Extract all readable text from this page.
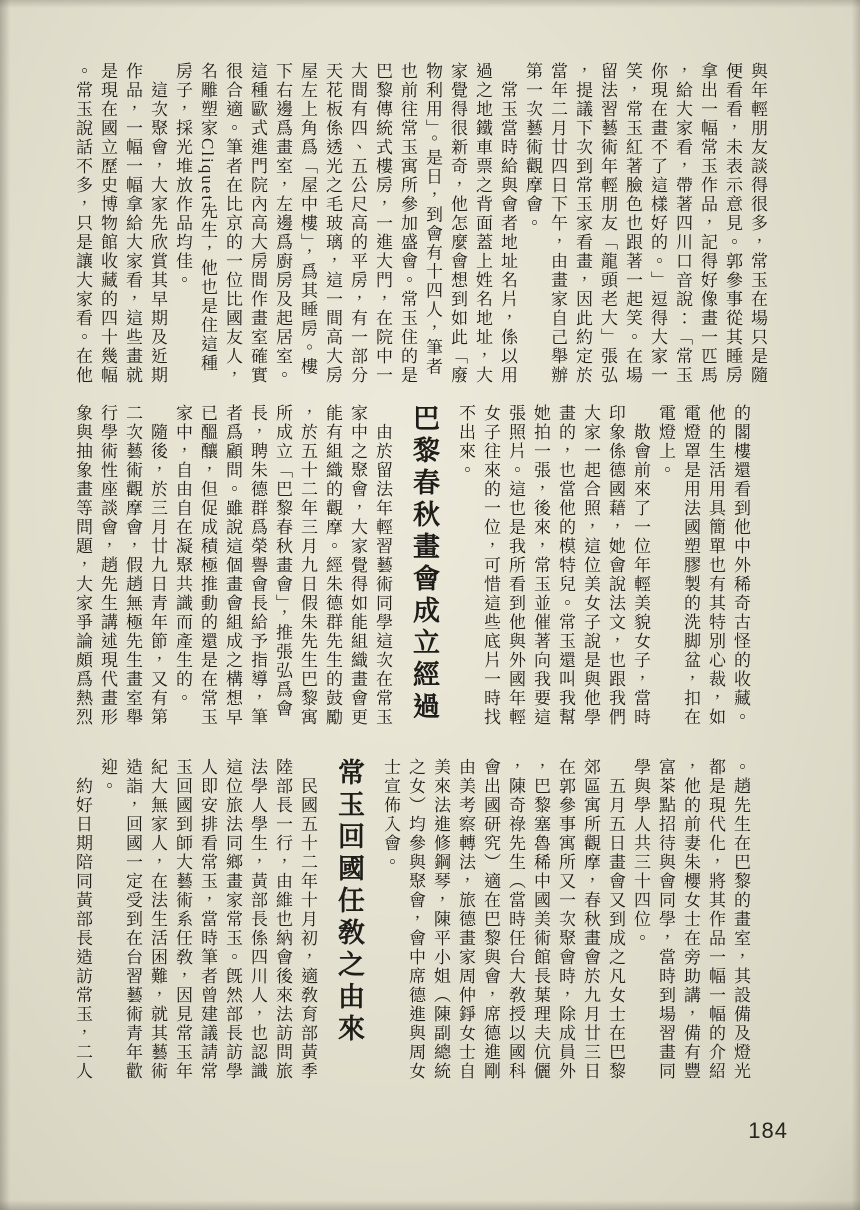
與年輕朋友談得很多，常玉在場只是隨
便看看，未表示意見。郭參事從其睡房
拿出一幅常玉作品，記得好像畫一匹馬
，給大家看，帶著四川口音說：「常玉
你現在畫不了這樣好的。」逗得大家一
笑，常玉紅著臉色也跟著一起笑。在場
留法習藝術年輕朋友「龍頭老大」張弘
，提議下次到常玉家看畫，因此約定於
當年二月廿四日下午，由畫家自己舉辦
第一次藝術觀摩會。
　常玉當時給與會者地址名片，係以用
過之地鐵車票之背面蓋上姓名地址，大
家覺得很新奇，他怎麼會想到如此「廢
物利用」。是日，到會有十四人，筆者
也前往常玉寓所參加盛會。常玉住的是
巴黎傳統式樓房，一進大門，在院中一
大間有四、五公尺高的平房，有一部分
天花板係透光之毛玻璃，這一間高大房
屋左上角爲「屋中樓」，爲其睡房。樓
下右邊爲畫室，左邊爲廚房及起居室。
這種歐式進門院內高大房間作畫室確實
很合適。筆者在比京的一位比國友人，
名雕塑家Cliquet先生，他也是住這種
房子，採光堆放作品均佳。
　這次聚會，大家先欣賞其早期及近期
作品，一幅一幅拿給大家看，這些畫就
是現在國立歷史博物館收藏的四十幾幅
。常玉說話不多，只是讓大家看。在他
的閣樓還看到他中外稀奇古怪的收藏。
他的生活用具簡單也有其特別心裁，如
電燈罩是用法國塑膠製的洗脚盆，扣在
電燈上。
　散會前來了一位年輕美貌女子，當時
印象係德國藉，她會說法文，也跟我們
大家一起合照，這位美女子說是與他學
畫的，也當他的模特兒。常玉還叫我幫
她拍一張，後來，常玉並催著向我要這
張照片。這也是我所看到他與外國年輕
女子往來的一位，可惜這些底片一時找
不出來。
巴黎春秋畫會成立經過
　由於留法年輕習藝術同學這次在常玉
家中之聚會，大家覺得如能組織畫會更
能有組織的觀摩。經朱德群先生的鼓勵
，於五十二年三月九日假朱先生巴黎寓
所成立「巴黎春秋畫會」，推張弘爲會
長，聘朱德群爲榮譽會長給予指導，筆
者爲顧問。雖說這個畫會組成之構想早
已醞釀，但促成積極推動的還是在常玉
家中，自由自在凝聚共識而產生的。
　隨後，於三月廿九日青年節，又有第
二次藝術觀摩會，假趙無極先生畫室舉
行學術性座談會，趙先生講述現代畫形
象與抽象畫等問題，大家爭論頗爲熱烈
。趙先生在巴黎的畫室，其設備及燈光
都是現代化，將其作品一幅一幅的介紹
，他的前妻朱櫻女士在旁助講，備有豐
富茶點招待與會同學，當時到場習畫同
學與學人共三十四位。
　五月五日畫會又到成之凡女士在巴黎
郊區寓所觀摩，春秋畫會於九月廿三日
在郭參事寓所又一次聚會時，除成員外
，巴黎塞魯稀中國美術館長葉理夫伉儷
，陳奇祿先生（當時任台大敎授以國科
會出國研究）適在巴黎與會，席德進剛
由美考察轉法，旅德畫家周仲錚女士自
美來法進修鋼琴，陳平小姐（陳副總統
之女）均參與聚會，會中席德進與周女
士宣佈入會。
常玉回國任敎之由來
　民國五十二年十月初，適敎育部黃季
陸部長一行，由維也納會後來法訪問旅
法學人學生，黃部長係四川人，也認識
這位旅法同鄉畫家常玉。旣然部長訪學
人即安排看常玉，當時筆者曾建議請常
玉回國到師大藝術系任敎，因見常玉年
紀大無家人，在法生活困難，就其藝術
造詣，回國一定受到在台習藝術青年歡
迎。
　約好日期陪同黃部長造訪常玉，二人
184
